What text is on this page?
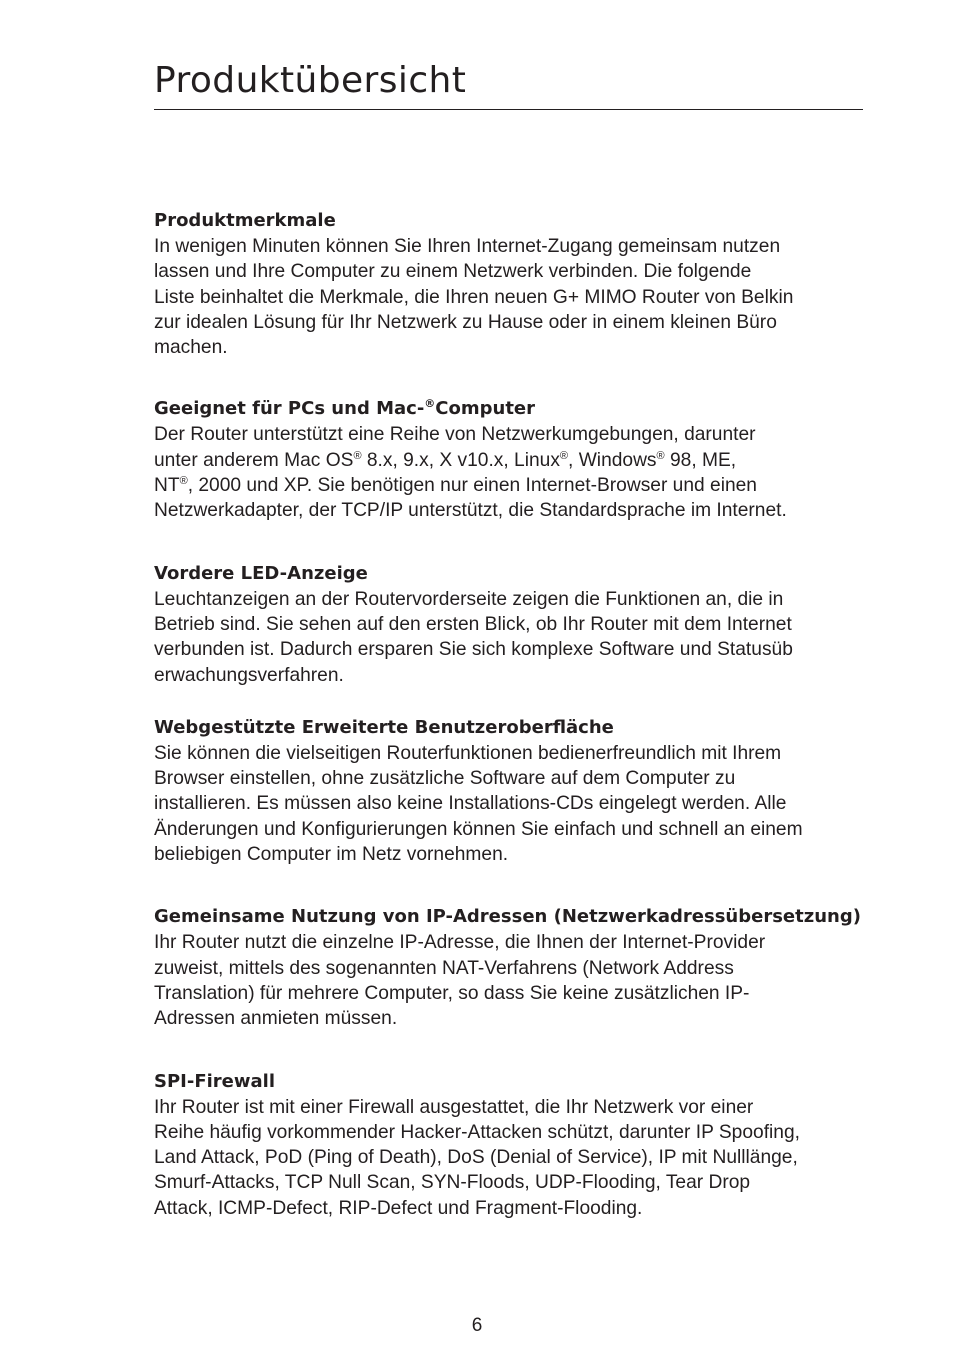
Produktübersicht
Produktmerkmale

In wenigen Minuten können Sie Ihren Internet-Zugang gemeinsam nutzen
lassen und Ihre Computer zu einem Netzwerk verbinden. Die folgende
Liste beinhaltet die Merkmale, die Ihren neuen G+ MIMO Router von Belkin
zur idealen Lösung für Ihr Netzwerk zu Hause oder in einem kleinen Büro
machen.

Geeignet für PCs und Mac-®Computer

Der Router unterstützt eine Reihe von Netzwerkumgebungen, darunter
unter anderem Mac OS® 8.x, 9.x, X v10.x, Linux®, Windows® 98, ME,
NT®, 2000 und XP. Sie benötigen nur einen Internet-Browser und einen
Netzwerkadapter, der TCP/IP unterstützt, die Standardsprache im Internet.

Vordere LED-Anzeige

Leuchtanzeigen an der Routervorderseite zeigen die Funktionen an, die in
Betrieb sind. Sie sehen auf den ersten Blick, ob Ihr Router mit dem Internet
verbunden ist. Dadurch ersparen Sie sich komplexe Software und Statusüb
erwachungsverfahren.

Webgestützte Erweiterte Benutzeroberfläche

Sie können die vielseitigen Routerfunktionen bedienerfreundlich mit Ihrem
Browser einstellen, ohne zusätzliche Software auf dem Computer zu
installieren. Es müssen also keine Installations-CDs eingelegt werden. Alle
Änderungen und Konfigurierungen können Sie einfach und schnell an einem
beliebigen Computer im Netz vornehmen.

Gemeinsame Nutzung von IP-Adressen (Netzwerkadressübersetzung)

Ihr Router nutzt die einzelne IP-Adresse, die Ihnen der Internet-Provider
zuweist, mittels des sogenannten NAT-Verfahrens (Network Address
Translation) für mehrere Computer, so dass Sie keine zusätzlichen IP-
Adressen anmieten müssen.

SPI-Firewall

Ihr Router ist mit einer Firewall ausgestattet, die Ihr Netzwerk vor einer
Reihe häufig vorkommender Hacker-Attacken schützt, darunter IP Spoofing,
Land Attack, PoD (Ping of Death), DoS (Denial of Service), IP mit Nulllänge,
Smurf-Attacks, TCP Null Scan, SYN-Floods, UDP-Flooding, Tear Drop
Attack, ICMP-Defect, RIP-Defect und Fragment-Flooding.

6
